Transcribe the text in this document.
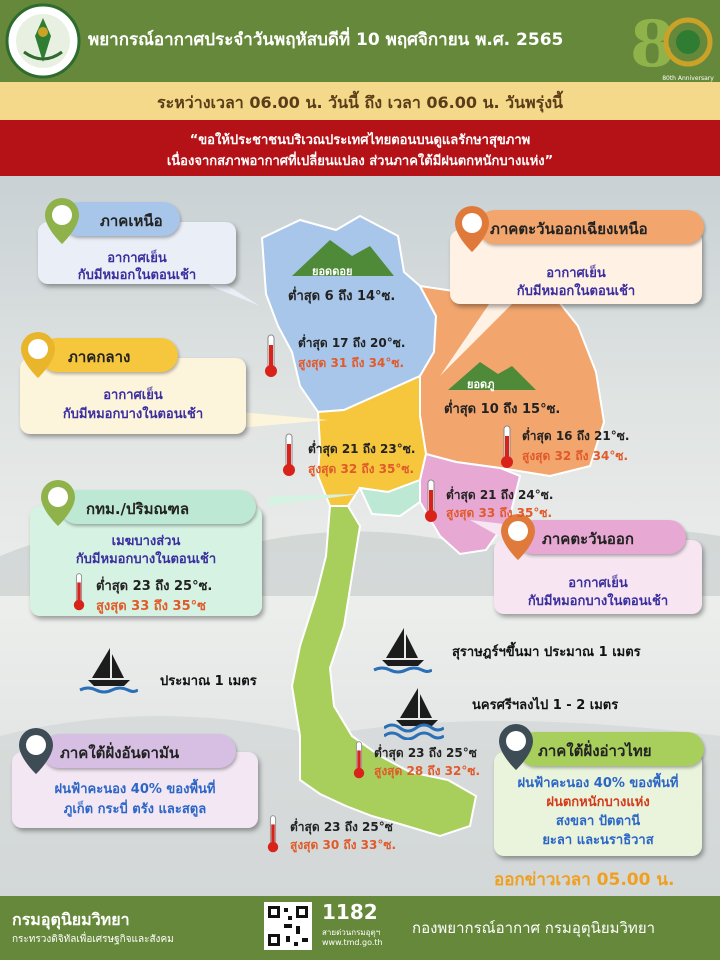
พยากรณ์อากาศประจำวันพฤหัสบดีที่ 10 พฤศจิกายน พ.ศ. 2565 8
80th Anniversary
ระหว่างเวลา 06.00 น. วันนี้ ถึง เวลา 06.00 น. วันพรุ่งนี้
“ขอให้ประชาชนบริเวณประเทศไทยตอนบนดูแลรักษาสุขภาพ
เนื่องจากสภาพอากาศที่เปลี่ยนแปลง ส่วนภาคใต้มีฝนตกหนักบางแห่ง”
ยอดดอย
ยอดภู
ต่ำสุด 6 ถึง 14°ซ.
ต่ำสุด 10 ถึง 15°ซ.
อากาศเย็น
กับมีหมอกในตอนเช้า
ภาคเหนือ
อากาศเย็น
กับมีหมอกในตอนเช้า
ภาคตะวันออกเฉียงเหนือ
อากาศเย็น
กับมีหมอกบางในตอนเช้า
ภาคกลาง
เมฆบางส่วน
กับมีหมอกบางในตอนเช้า
กทม./ปริมณฑล
อากาศเย็น
กับมีหมอกบางในตอนเช้า
ภาคตะวันออก
ฝนฟ้าคะนอง 40% ของพื้นที่
ภูเก็ต กระบี่ ตรัง และสตูล
ภาคใต้ฝั่งอันดามัน
ฝนฟ้าคะนอง 40% ของพื้นที่
ฝนตกหนักบางแห่ง
สงขลา ปัตตานี
ยะลา และนราธิวาส
ภาคใต้ฝั่งอ่าวไทย
ต่ำสุด 17 ถึง 20°ซ.
สูงสุด 31 ถึง 34°ซ.
ต่ำสุด 21 ถึง 23°ซ.
สูงสุด 32 ถึง 35°ซ.
ต่ำสุด 16 ถึง 21°ซ.
สูงสุด 32 ถึง 34°ซ.
ต่ำสุด 21 ถึง 24°ซ.
สูงสุด 33 ถึง 35°ซ.
ต่ำสุด 23 ถึง 25°ซ.
สูงสุด 33 ถึง 35°ซ
ต่ำสุด 23 ถึง 25°ซ
สูงสุด 28 ถึง 32°ซ.
ต่ำสุด 23 ถึง 25°ซ
สูงสุด 30 ถึง 33°ซ.
ประมาณ 1 เมตร
สุราษฎร์ฯขึ้นมา ประมาณ 1 เมตร
นครศรีฯลงไป 1 - 2 เมตร
ออกข่าวเวลา 05.00 น.
กรมอุตุนิยมวิทยา
กระทรวงดิจิทัลเพื่อเศรษฐกิจและสังคม
1182
สายด่วนกรมอุตุฯ
www.tmd.go.th
กองพยากรณ์อากาศ กรมอุตุนิยมวิทยา
